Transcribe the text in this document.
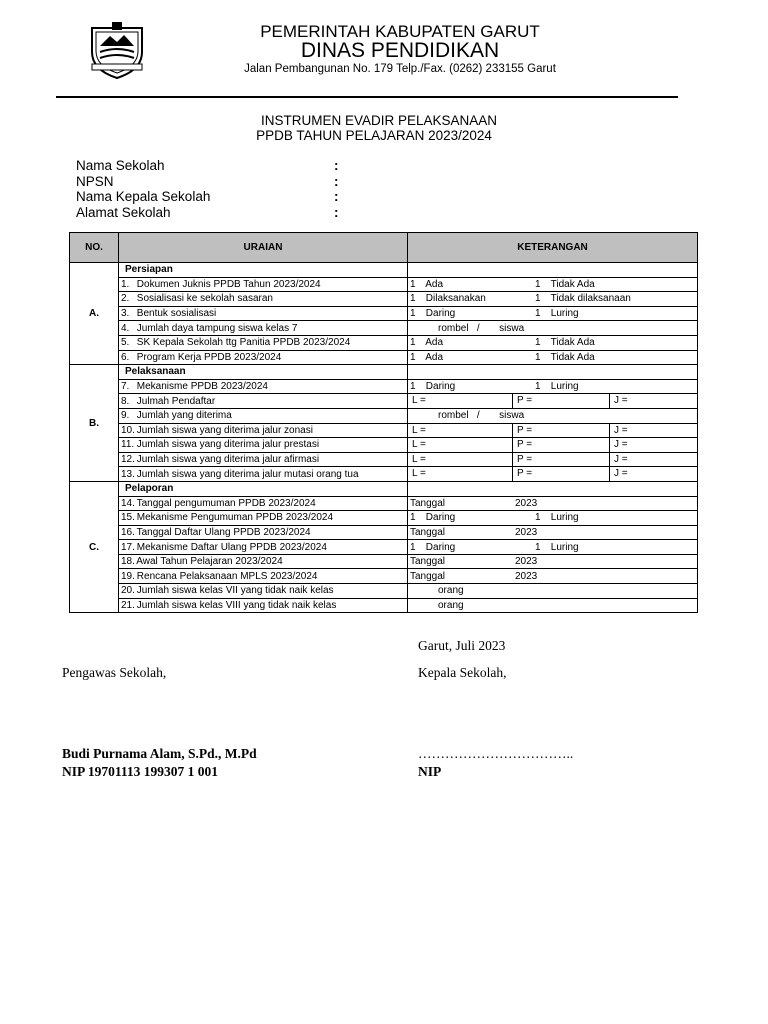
PEMERINTAH KABUPATEN GARUT
DINAS PENDIDIKAN
Jalan Pembangunan No. 179 Telp./Fax. (0262) 233155 Garut
INSTRUMEN EVADIR PELAKSANAAN
PPDB TAHUN PELAJARAN 2023/2024
Nama Sekolah	:
NPSN	:
Nama Kepala Sekolah	:
Alamat Sekolah	:
NO.	URAIAN	KETERANGAN
A.	Persiapan	
	1. Dokumen Juknis PPDB Tahun 2023/2024	1 Ada 1 Tidak Ada

	2. Sosialisasi ke sekolah sasaran	1 Dilaksanakan 1 Tidak dilaksanaan

	3. Bentuk sosialisasi	1 Daring 1 Luring

	4. Jumlah daya tampung siswa kelas 7	rombel   /       siswa
	5. SK Kepala Sekolah ttg Panitia PPDB 2023/2024	1 Ada 1 Tidak Ada

	6. Program Kerja PPDB 2023/2024	1 Ada 1 Tidak Ada

B.	Pelaksanaan	
	7. Mekanisme PPDB 2023/2024	1 Daring 1 Luring

	8. Julmah Pendaftar	L = P = J =

	9. Jumlah yang diterima	rombel   /       siswa
	10. Jumlah siswa yang diterima jalur zonasi	L = P = J =

	11. Jumlah siswa yang diterima jalur prestasi	L = P = J =

	12. Jumlah siswa yang diterima jalur afirmasi	L = P = J =

	13. Jumlah siswa yang diterima jalur mutasi orang tua	L = P = J =

C.	Pelaporan	
	14. Tanggal pengumuman PPDB 2023/2024	Tanggal 2023

	15. Mekanisme Pengumuman PPDB 2023/2024	1 Daring 1 Luring

	16. Tanggal Daftar Ulang PPDB 2023/2024	Tanggal 2023

	17. Mekanisme Daftar Ulang PPDB 2023/2024	1 Daring 1 Luring

	18. Awal Tahun Pelajaran 2023/2024	Tanggal 2023

	19. Rencana Pelaksanaan MPLS 2023/2024	Tanggal 2023

	20. Jumlah siswa kelas VII yang tidak naik kelas	orang
	21. Jumlah siswa kelas VIII yang tidak naik kelas	orang
Garut, Juli 2023
Pengawas Sekolah,	Kepala Sekolah,
Budi Purnama Alam, S.Pd., M.Pd
NIP 19701113 199307 1 001
……………………………..
NIP
